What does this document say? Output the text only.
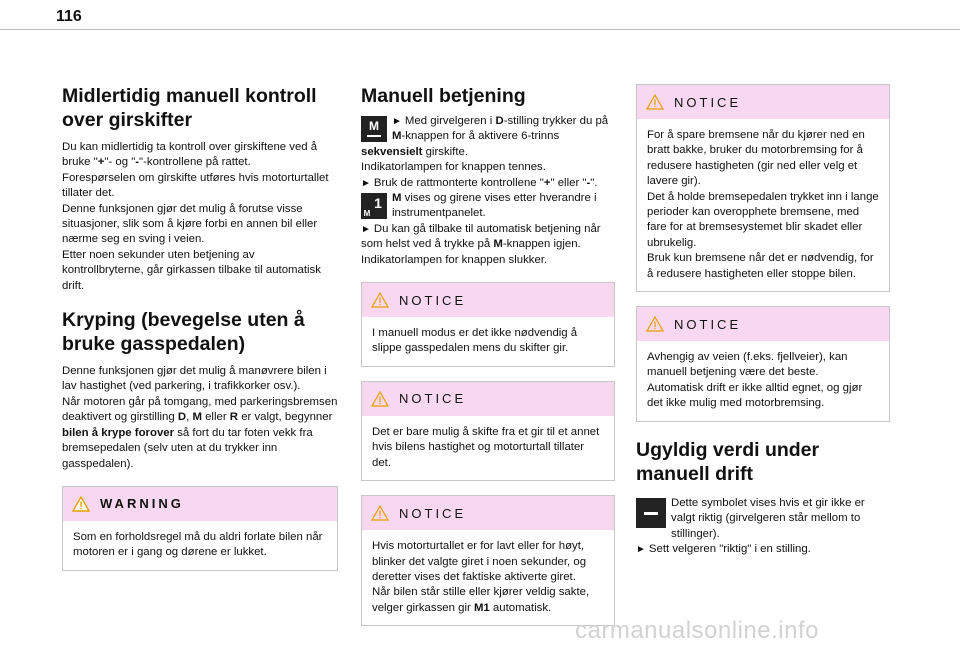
116
Midlertidig manuell kontroll over girskifter

Du kan midlertidig ta kontroll over girskiftene ved å bruke "+"- og "-"-kontrollene på rattet.

Forespørselen om girskifte utføres hvis motorturtallet tillater det.

Denne funksjonen gjør det mulig å forutse visse situasjoner, slik som å kjøre forbi en annen bil eller nærme seg en sving i veien.

Etter noen sekunder uten betjening av kontrollbryterne, går girkassen tilbake til automatisk drift.

Kryping (bevegelse uten å bruke gasspedalen)

Denne funksjonen gjør det mulig å manøvrere bilen i lav hastighet (ved parkering, i trafikkorker osv.).

Når motoren går på tomgang, med parkeringsbremsen deaktivert og girstilling D, M eller R er valgt, begynner bilen å krype forover så fort du tar foten vekk fra bremsepedalen (selv uten at du trykker inn gasspedalen).

WARNING

Som en forholdsregel må du aldri forlate bilen når motoren er i gang og dørene er lukket.

Manuell betjening
M	► Med girvelgeren i D-stilling trykker du på M-knappen for å aktivere 6-trinns sekvensielt girskifte.

Indikatorlampen for knappen tennes.

► Bruk de rattmonterte kontrollene "+" eller "-".

1
M

M vises og girene vises etter hverandre i instrumentpanelet.

► Du kan gå tilbake til automatisk betjening når som helst ved å trykke på M-knappen igjen.

Indikatorlampen for knappen slukker.

NOTICE

I manuell modus er det ikke nødvendig å slippe gasspedalen mens du skifter gir.

NOTICE

Det er bare mulig å skifte fra et gir til et annet hvis bilens hastighet og motorturtall tillater det.

NOTICE

Hvis motorturtallet er for lavt eller for høyt, blinker det valgte giret i noen sekunder, og deretter vises det faktiske aktiverte giret.

Når bilen står stille eller kjører veldig sakte, velger girkassen gir M1 automatisk.

NOTICE

For å spare bremsene når du kjører ned en bratt bakke, bruker du motorbremsing for å redusere hastigheten (gir ned eller velg et lavere gir).

Det å holde bremsepedalen trykket inn i lange perioder kan overopphete bremsene, med fare for at bremsesystemet blir skadet eller ubrukelig.

Bruk kun bremsene når det er nødvendig, for å redusere hastigheten eller stoppe bilen.

NOTICE

Avhengig av veien (f.eks. fjellveier), kan manuell betjening være det beste.

Automatisk drift er ikke alltid egnet, og gjør det ikke mulig med motorbremsing.

Ugyldig verdi under manuell drift

Dette symbolet vises hvis et gir ikke er valgt riktig (girvelgeren står mellom to stillinger).

► Sett velgeren "riktig" i en stilling.

carmanualsonline.info
